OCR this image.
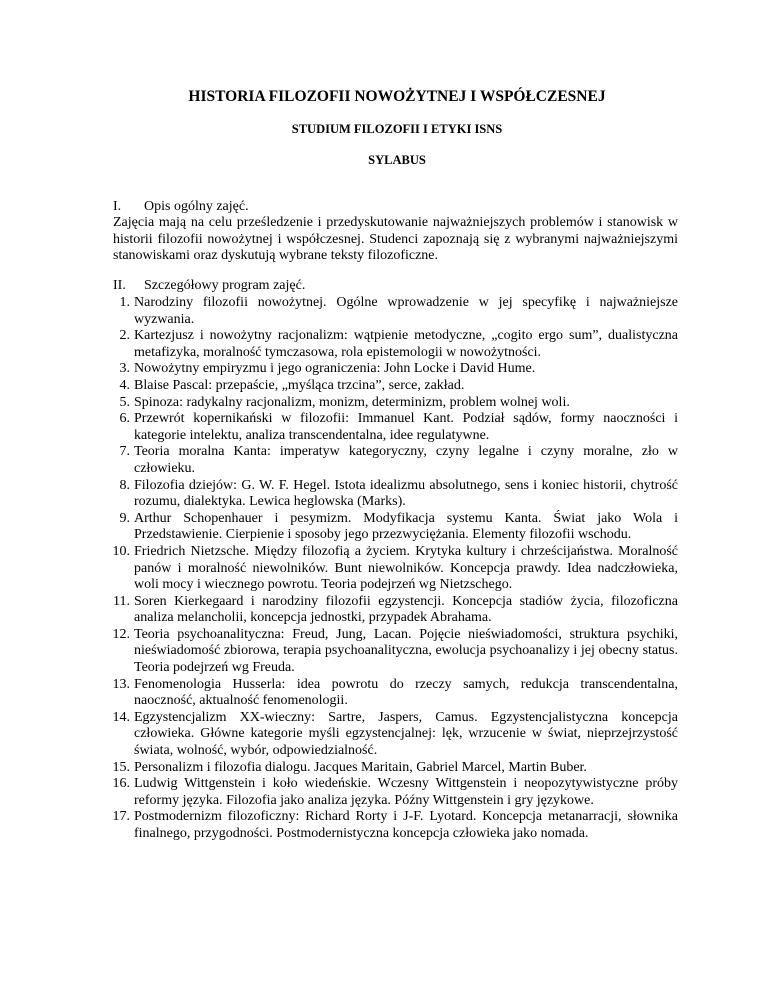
HISTORIA FILOZOFII NOWOŻYTNEJ I WSPÓŁCZESNEJ

STUDIUM FILOZOFII I ETYKI ISNS

SYLABUS

I. Opis ogólny zajęć.

Zajęcia mają na celu prześledzenie i przedyskutowanie najważniejszych problemów i stanowisk w historii filozofii nowożytnej i współczesnej. Studenci zapoznają się z wybranymi najważniejszymi stanowiskami oraz dyskutują wybrane teksty filozoficzne.

II. Szczegółowy program zajęć.
1. Narodziny filozofii nowożytnej. Ogólne wprowadzenie w jej specyfikę i najważniejsze wyzwania.
2. Kartezjusz i nowożytny racjonalizm: wątpienie metodyczne, „cogito ergo sum”, dualistyczna metafizyka, moralność tymczasowa, rola epistemologii w nowożytności.
3. Nowożytny empiryzmu i jego ograniczenia: John Locke i David Hume.
4. Blaise Pascal: przepaście, „myśląca trzcina”, serce, zakład.
5. Spinoza: radykalny racjonalizm, monizm, determinizm, problem wolnej woli.
6. Przewrót kopernikański w filozofii: Immanuel Kant. Podział sądów, formy naoczności i kategorie intelektu, analiza transcendentalna, idee regulatywne.
7. Teoria moralna Kanta: imperatyw kategoryczny, czyny legalne i czyny moralne, zło w człowieku.
8. Filozofia dziejów: G. W. F. Hegel. Istota idealizmu absolutnego, sens i koniec historii, chytrość rozumu, dialektyka. Lewica heglowska (Marks).
9. Arthur Schopenhauer i pesymizm. Modyfikacja systemu Kanta. Świat jako Wola i Przedstawienie. Cierpienie i sposoby jego przezwyciężania. Elementy filozofii wschodu.
10. Friedrich Nietzsche. Między filozofią a życiem. Krytyka kultury i chrześcijaństwa. Moralność panów i moralność niewolników. Bunt niewolników. Koncepcja prawdy. Idea nadczłowieka, woli mocy i wiecznego powrotu. Teoria podejrzeń wg Nietzschego.
11. Soren Kierkegaard i narodziny filozofii egzystencji. Koncepcja stadiów życia, filozoficzna analiza melancholii, koncepcja jednostki, przypadek Abrahama.
12. Teoria psychoanalityczna: Freud, Jung, Lacan. Pojęcie nieświadomości, struktura psychiki, nieświadomość zbiorowa, terapia psychoanalityczna, ewolucja psychoanalizy i jej obecny status. Teoria podejrzeń wg Freuda.
13. Fenomenologia Husserla: idea powrotu do rzeczy samych, redukcja transcendentalna, naoczność, aktualność fenomenologii.
14. Egzystencjalizm XX-wieczny: Sartre, Jaspers, Camus. Egzystencjalistyczna koncepcja człowieka. Główne kategorie myśli egzystencjalnej: lęk, wrzucenie w świat, nieprzejrzystość świata, wolność, wybór, odpowiedzialność.
15. Personalizm i filozofia dialogu. Jacques Maritain, Gabriel Marcel, Martin Buber.
16. Ludwig Wittgenstein i koło wiedeńskie. Wczesny Wittgenstein i neopozytywistyczne próby reformy języka. Filozofia jako analiza języka. Późny Wittgenstein i gry językowe.
17. Postmodernizm filozoficzny: Richard Rorty i J-F. Lyotard. Koncepcja metanarracji, słownika finalnego, przygodności. Postmodernistyczna koncepcja człowieka jako nomada.
